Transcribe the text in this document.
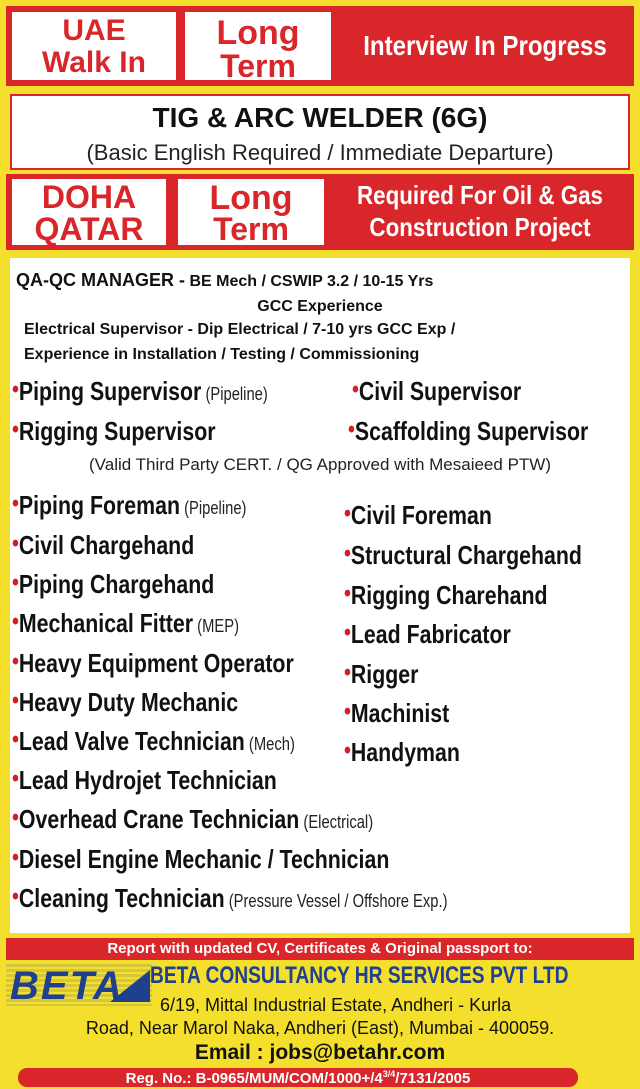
UAE
Walk In
Long
Term
Interview In Progress
TIG & ARC WELDER (6G)
(Basic English Required / Immediate Departure)
DOHA
QATAR
Long
Term
Required For Oil & Gas
Construction Project
QA-QC MANAGER - BE Mech / CSWIP 3.2 / 10-15 Yrs
GCC Experience
Electrical Supervisor - Dip Electrical / 7-10 yrs GCC Exp /
Experience in Installation / Testing / Commissioning
•Piping Supervisor (Pipeline)
•Rigging Supervisor
•Civil Supervisor
•Scaffolding Supervisor
(Valid Third Party CERT. / QG Approved with Mesaieed PTW)
•Piping Foreman (Pipeline)
•Civil Chargehand
•Piping Chargehand
•Mechanical Fitter (MEP)
•Heavy Equipment Operator
•Heavy Duty Mechanic
•Lead Valve Technician (Mech)
•Lead Hydrojet Technician
•Overhead Crane Technician (Electrical)
•Diesel Engine Mechanic / Technician
•Cleaning Technician (Pressure Vessel / Offshore Exp.)
•Civil Foreman
•Structural Chargehand
•Rigging Charehand
•Lead Fabricator
•Rigger
•Machinist
•Handyman
Report with updated CV, Certificates & Original passport to:
BETA BETA CONSULTANCY HR SERVICES PVT LTD
6/19, Mittal Industrial Estate, Andheri - Kurla
Road, Near Marol Naka, Andheri (East), Mumbai - 400059.
Email : jobs@betahr.com
Reg. No.: $B-0965/MUM/COM/1000+/4^{3/4}/7131/2005$
